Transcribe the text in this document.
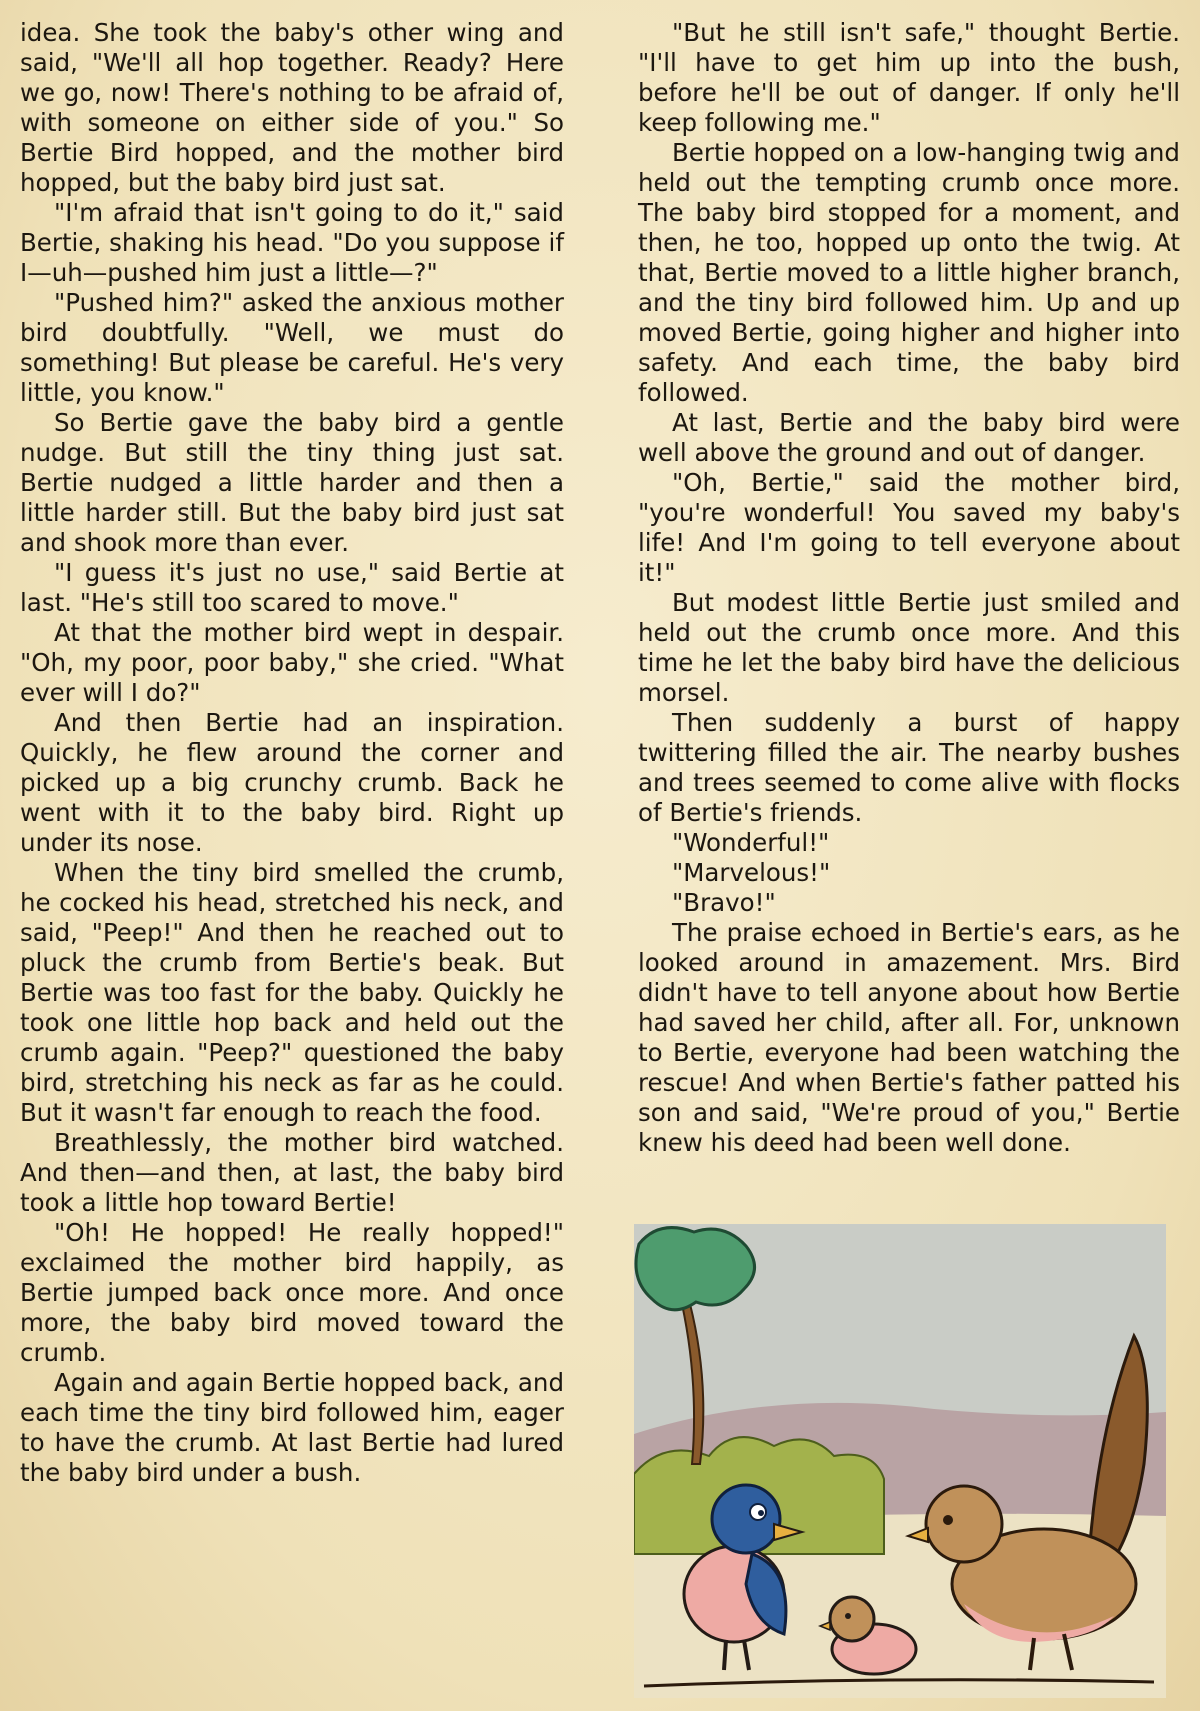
idea. She took the baby's other wing and said, "We'll all hop together. Ready? Here we go, now! There's nothing to be afraid of, with someone on either side of you." So Bertie Bird hopped, and the mother bird hopped, but the baby bird just sat.

"I'm afraid that isn't going to do it," said Bertie, shaking his head. "Do you suppose if I—uh—pushed him just a little—?"

"Pushed him?" asked the anxious mother bird doubtfully. "Well, we must do something! But please be careful. He's very little, you know."

So Bertie gave the baby bird a gentle nudge. But still the tiny thing just sat. Bertie nudged a little harder and then a little harder still. But the baby bird just sat and shook more than ever.

"I guess it's just no use," said Bertie at last. "He's still too scared to move."

At that the mother bird wept in despair. "Oh, my poor, poor baby," she cried. "What ever will I do?"

And then Bertie had an inspiration. Quickly, he flew around the corner and picked up a big crunchy crumb. Back he went with it to the baby bird. Right up under its nose.

When the tiny bird smelled the crumb, he cocked his head, stretched his neck, and said, "Peep!" And then he reached out to pluck the crumb from Bertie's beak. But Bertie was too fast for the baby. Quickly he took one little hop back and held out the crumb again. "Peep?" questioned the baby bird, stretching his neck as far as he could. But it wasn't far enough to reach the food.

Breathlessly, the mother bird watched. And then—and then, at last, the baby bird took a little hop toward Bertie!

"Oh! He hopped! He really hopped!" exclaimed the mother bird happily, as Bertie jumped back once more. And once more, the baby bird moved toward the crumb.

Again and again Bertie hopped back, and each time the tiny bird followed him, eager to have the crumb. At last Bertie had lured the baby bird under a bush.

"But he still isn't safe," thought Bertie. "I'll have to get him up into the bush, before he'll be out of danger. If only he'll keep following me."

Bertie hopped on a low-hanging twig and held out the tempting crumb once more. The baby bird stopped for a moment, and then, he too, hopped up onto the twig. At that, Bertie moved to a little higher branch, and the tiny bird followed him. Up and up moved Bertie, going higher and higher into safety. And each time, the baby bird followed.

At last, Bertie and the baby bird were well above the ground and out of danger.

"Oh, Bertie," said the mother bird, "you're wonderful! You saved my baby's life! And I'm going to tell everyone about it!"

But modest little Bertie just smiled and held out the crumb once more. And this time he let the baby bird have the delicious morsel.

Then suddenly a burst of happy twittering filled the air. The nearby bushes and trees seemed to come alive with flocks of Bertie's friends.

"Wonderful!"

"Marvelous!"

"Bravo!"

The praise echoed in Bertie's ears, as he looked around in amazement. Mrs. Bird didn't have to tell anyone about how Bertie had saved her child, after all. For, unknown to Bertie, everyone had been watching the rescue! And when Bertie's father patted his son and said, "We're proud of you," Bertie knew his deed had been well done.
